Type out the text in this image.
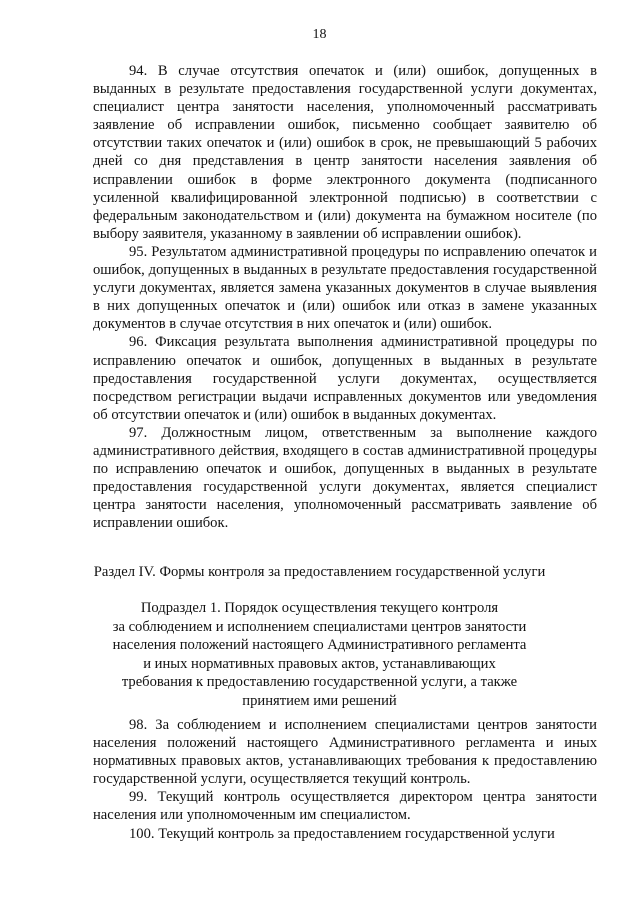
18

94. В случае отсутствия опечаток и (или) ошибок, допущенных в выданных в результате предоставления государственной услуги документах, специалист центра занятости населения, уполномоченный рассматривать заявление об исправлении ошибок, письменно сообщает заявителю об отсутствии таких опечаток и (или) ошибок в срок, не превышающий 5 рабочих дней со дня представления в центр занятости населения заявления об исправлении ошибок в форме электронного документа (подписанного усиленной квалифицированной электронной подписью) в соответствии с федеральным законодательством и (или) документа на бумажном носителе (по выбору заявителя, указанному в заявлении об исправлении ошибок).

95. Результатом административной процедуры по исправлению опечаток и ошибок, допущенных в выданных в результате предоставления государственной услуги документах, является замена указанных документов в случае выявления в них допущенных опечаток и (или) ошибок или отказ в замене указанных документов в случае отсутствия в них опечаток и (или) ошибок.

96. Фиксация результата выполнения административной процедуры по исправлению опечаток и ошибок, допущенных в выданных в результате предоставления государственной услуги документах, осуществляется посредством регистрации выдачи исправленных документов или уведомления об отсутствии опечаток и (или) ошибок в выданных документах.

97. Должностным лицом, ответственным за выполнение каждого административного действия, входящего в состав административной процедуры по исправлению опечаток и ошибок, допущенных в выданных в результате предоставления государственной услуги документах, является специалист центра занятости населения, уполномоченный рассматривать заявление об исправлении ошибок.

Раздел IV. Формы контроля за предоставлением государственной услуги
Подраздел 1. Порядок осуществления текущего контроля
за соблюдением и исполнением специалистами центров занятости
населения положений настоящего Административного регламента
и иных нормативных правовых актов, устанавливающих
требования к предоставлению государственной услуги, а также
принятием ими решений

98. За соблюдением и исполнением специалистами центров занятости населения положений настоящего Административного регламента и иных нормативных правовых актов, устанавливающих требования к предоставлению государственной услуги, осуществляется текущий контроль.

99. Текущий контроль осуществляется директором центра занятости населения или уполномоченным им специалистом.

100. Текущий контроль за предоставлением государственной услуги
